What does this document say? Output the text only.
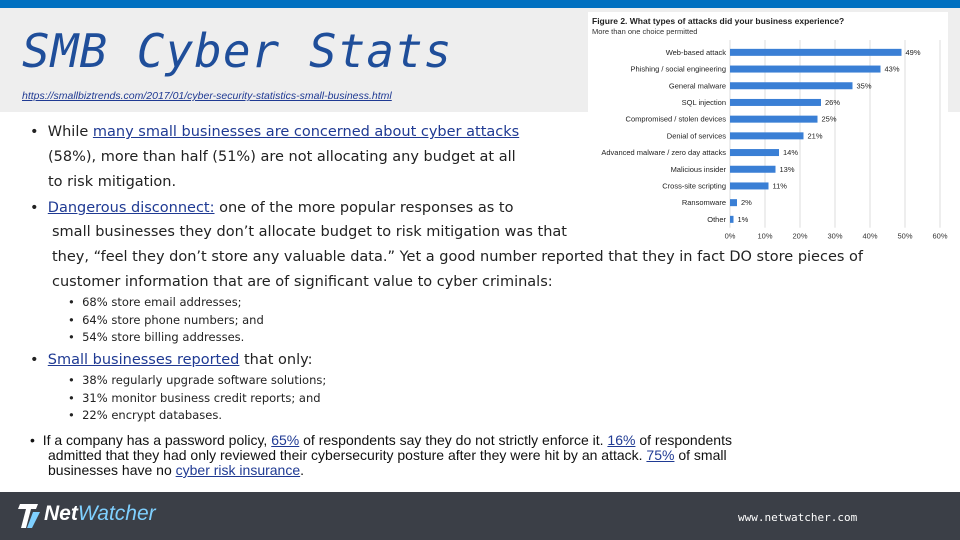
SMB Cyber Stats
https://smallbiztrends.com/2017/01/cyber-security-statistics-small-business.html
Figure 2. What types of attacks did your business experience?
More than one choice permitted
0%	10%	20%	30%	40%	50%	60%
Web-based attack	49%
Phishing / social engineering	43%
General malware	35%
SQL injection	26%
Compromised / stolen devices	25%
Denial of services	21%
Advanced malware / zero day attacks	14%
Malicious insider	13%
Cross-site scripting	11%
Ransomware 2%
Other 1%
• While many small businesses are concerned about cyber attacks
(58%), more than half (51%) are not allocating any budget at all
to risk mitigation.
• Dangerous disconnect: one of the more popular responses as to
small businesses they don’t allocate budget to risk mitigation was that
they, “feel they don’t store any valuable data.” Yet a good number reported that they in fact DO store pieces of
customer information that are of significant value to cyber criminals:
• 68% store email addresses;
• 64% store phone numbers; and
• 54% store billing addresses.
• Small businesses reported that only:
• 38% regularly upgrade software solutions;
• 31% monitor business credit reports; and
• 22% encrypt databases.
• If a company has a password policy, 65% of respondents say they do not strictly enforce it. 16% of respondents
admitted that they had only reviewed their cybersecurity posture after they were hit by an attack. 75% of small
businesses have no cyber risk insurance.
NetWatcher	www.netwatcher.com
